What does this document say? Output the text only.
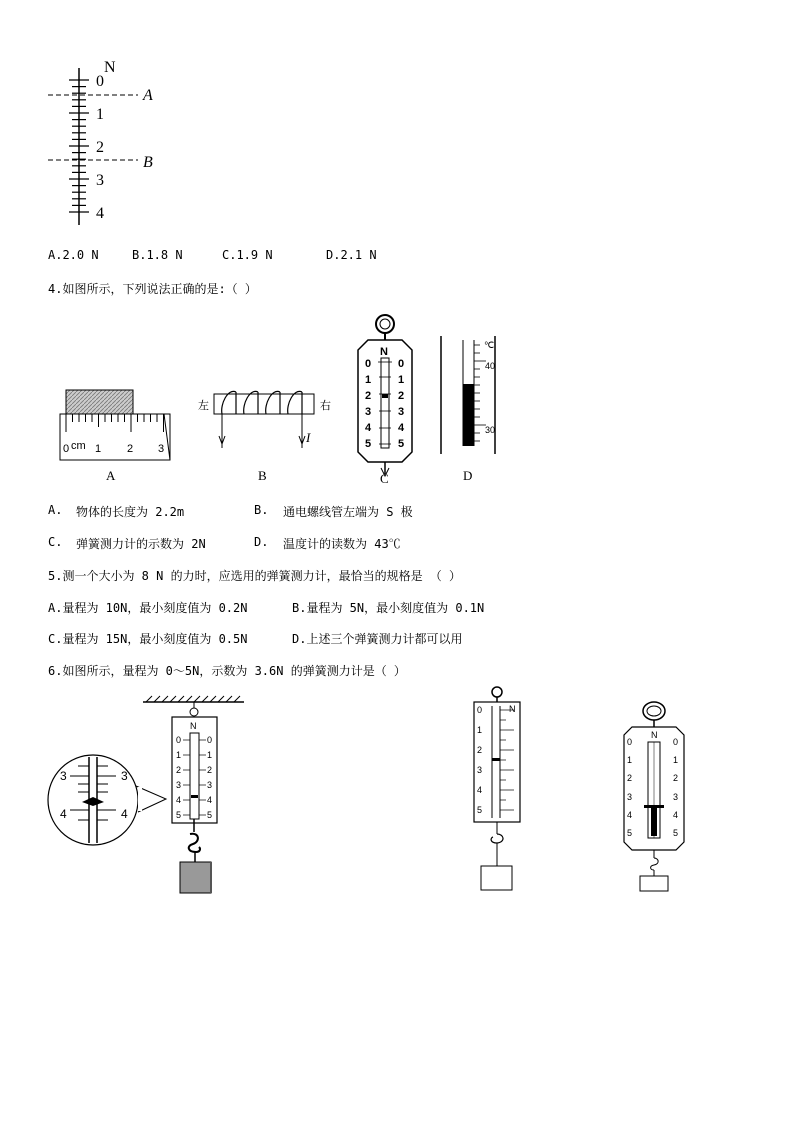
N
0
1
2
3
4
A
B
A.2.0 N	B.1.8 N	C.1.9 N	D.2.1 N
4.如图所示，下列说法正确的是:（ ）
0 cm 1 2 3
A
左	右
I
B
N
0
1
2
3
4
5
0
1
2
3
4
5
C
℃
40
30
D
A. 物体的长度为 2.2m	B. 通电螺线管左端为 S 极
C. 弹簧测力计的示数为 2N	D. 温度计的读数为 43℃
5.测一个大小为 8 N 的力时，应选用的弹簧测力计，最恰当的规格是 （ ）
A.量程为 10N，最小刻度值为 0.2N	B.量程为 5N，最小刻度值为 0.1N
C.量程为 15N，最小刻度值为 0.5N	D.上述三个弹簧测力计都可以用
6.如图所示，量程为 0～5N，示数为 3.6N 的弹簧测力计是（ ）
N
0
1
2
3
4
5
0
1
2
3
4
5
3	3
4	4
N
0
1
2
3
4
5
N
0
1
2
3
4
5
0
1
2
3
4
5
